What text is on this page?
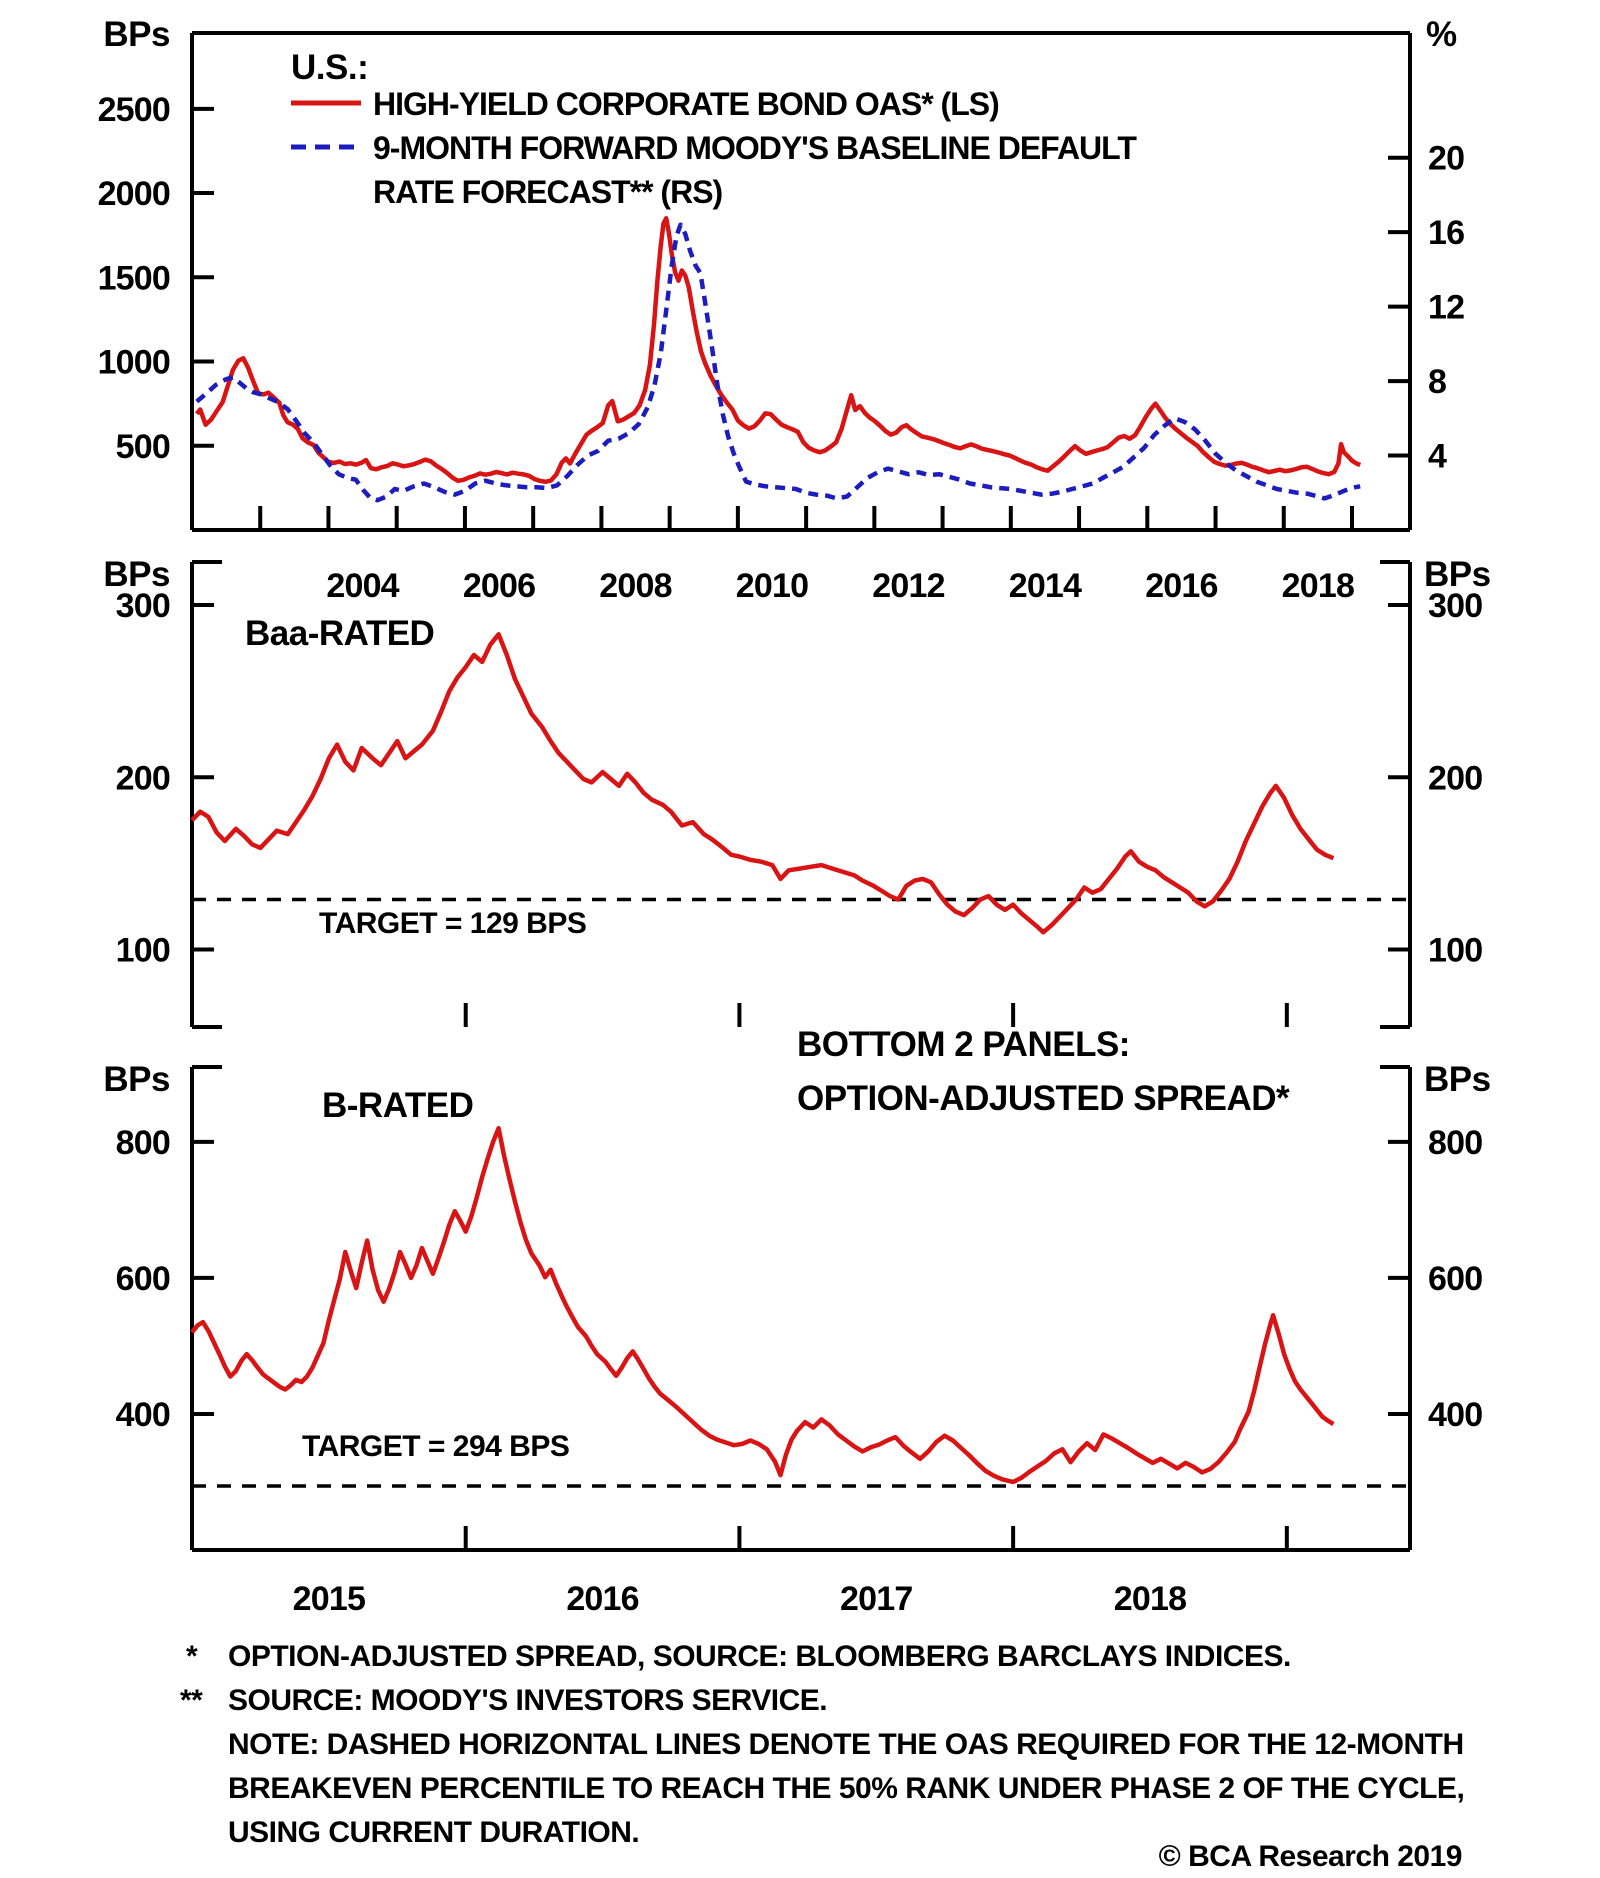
500
1000
1500
2000
2500
4
8
12
16
20
2004 2006 2008 2010 2012 2014 2016 2018
100
200
300
100
200
300
400
600
800
400
600
800
2015	2016	2017	2018
BPs	%
U.S.:
HIGH-YIELD CORPORATE BOND OAS* (LS)
9-MONTH FORWARD MOODY'S BASELINE DEFAULT
RATE FORECAST** (RS)
BPs	BPs
Baa-RATED
TARGET = 129 BPS
BPs	BPs
B-RATED
BOTTOM 2 PANELS:
OPTION-ADJUSTED SPREAD*
TARGET = 294 BPS
* OPTION-ADJUSTED SPREAD, SOURCE: BLOOMBERG BARCLAYS INDICES.
** SOURCE: MOODY'S INVESTORS SERVICE.
NOTE: DASHED HORIZONTAL LINES DENOTE THE OAS REQUIRED FOR THE 12-MONTH
BREAKEVEN PERCENTILE TO REACH THE 50% RANK UNDER PHASE 2 OF THE CYCLE,
USING CURRENT DURATION.
© BCA Research 2019
